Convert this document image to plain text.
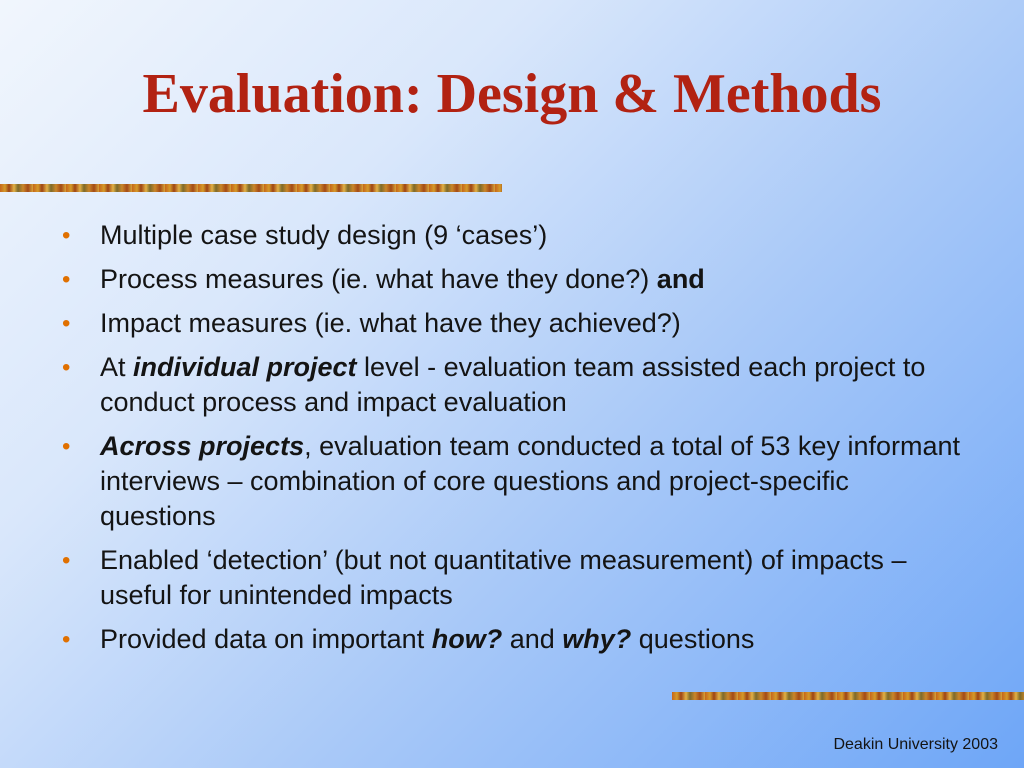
Evaluation: Design & Methods
• Multiple case study design (9 ‘cases’)
• Process measures (ie. what have they done?) and
• Impact measures (ie. what have they achieved?)
• At individual project level - evaluation team assisted each project to conduct process and impact evaluation
• Across projects, evaluation team conducted a total of 53 key informant interviews – combination of core questions and project-specific questions
• Enabled ‘detection’ (but not quantitative measurement) of impacts – useful for unintended impacts
• Provided data on important how? and why? questions
Deakin University 2003
